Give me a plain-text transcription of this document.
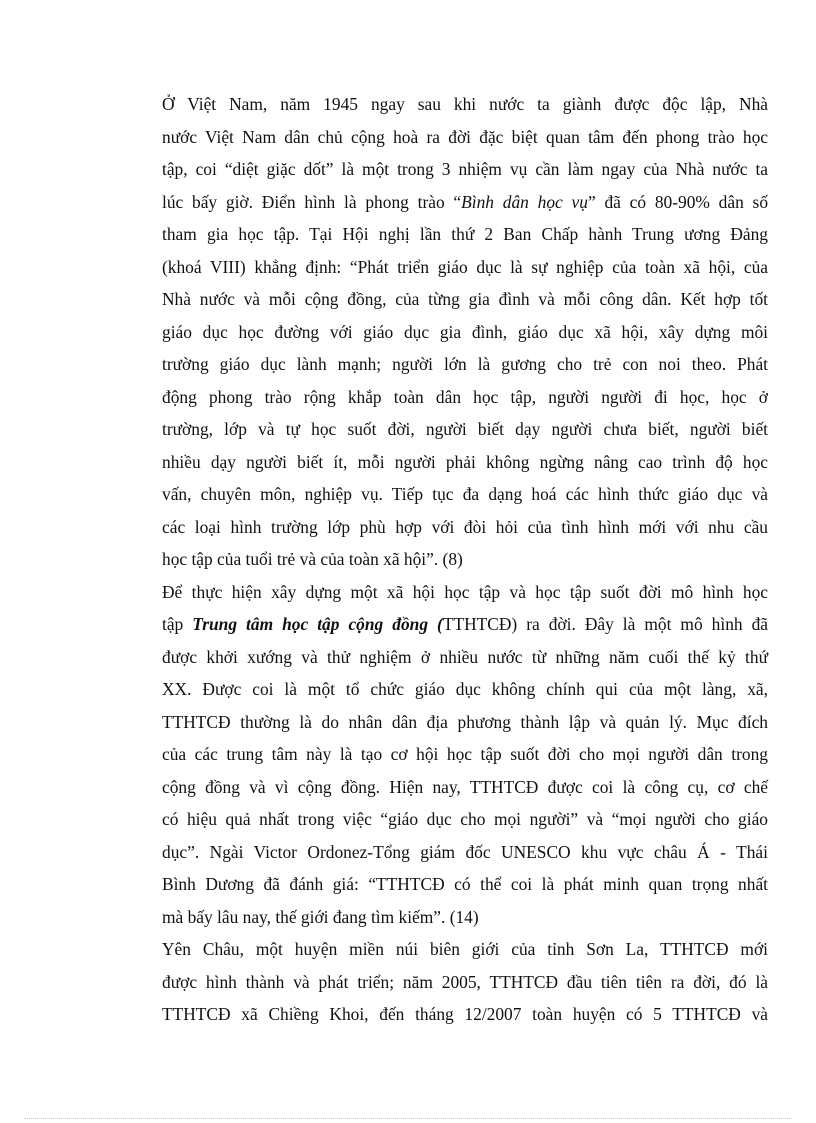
Ở Việt Nam, năm 1945 ngay sau khi nước ta giành được độc lập, Nhà
nước Việt Nam dân chủ cộng hoà ra đời đặc biệt quan tâm đến phong trào học
tập, coi “diệt giặc dốt” là một trong 3 nhiệm vụ cần làm ngay của Nhà nước ta
lúc bấy giờ. Điển hình là phong trào “Bình dân học vụ” đã có 80-90% dân số
tham gia học tập. Tại Hội nghị lần thứ 2 Ban Chấp hành Trung ương Đảng
(khoá VIII) khẳng định: “Phát triển giáo dục là sự nghiệp của toàn xã hội, của
Nhà nước và mỗi cộng đồng, của từng gia đình và mỗi công dân. Kết hợp tốt
giáo dục học đường với giáo dục gia đình, giáo dục xã hội, xây dựng môi
trường giáo dục lành mạnh; người lớn là gương cho trẻ con noi theo. Phát
động phong trào rộng khắp toàn dân học tập, người người đi học, học ở
trường, lớp và tự học suốt đời, người biết dạy người chưa biết, người biết
nhiều dạy người biết ít, mỗi người phải không ngừng nâng cao trình độ học
vấn, chuyên môn, nghiệp vụ. Tiếp tục đa dạng hoá các hình thức giáo dục và
các loại hình trường lớp phù hợp với đòi hỏi của tình hình mới với nhu cầu
học tập của tuổi trẻ và của toàn xã hội”. (8)

Để thực hiện xây dựng một xã hội học tập và học tập suốt đời mô hình học
tập Trung tâm học tập cộng đồng (TTHTCĐ) ra đời. Đây là một mô hình đã
được khởi xướng và thử nghiệm ở nhiều nước từ những năm cuối thế kỷ thứ
XX. Được coi là một tổ chức giáo dục không chính qui của một làng, xã,
TTHTCĐ thường là do nhân dân địa phương thành lập và quản lý. Mục đích
của các trung tâm này là tạo cơ hội học tập suốt đời cho mọi người dân trong
cộng đồng và vì cộng đồng. Hiện nay, TTHTCĐ được coi là công cụ, cơ chế
có hiệu quả nhất trong việc “giáo dục cho mọi người” và “mọi người cho giáo
dục”. Ngài Victor Ordonez-Tổng giám đốc UNESCO khu vực châu Á - Thái
Bình Dương đã đánh giá: “TTHTCĐ có thể coi là phát minh quan trọng nhất
mà bấy lâu nay, thế giới đang tìm kiếm”. (14)

Yên Châu, một huyện miền núi biên giới của tỉnh Sơn La, TTHTCĐ mới
được hình thành và phát triển; năm 2005, TTHTCĐ đầu tiên tiên ra đời, đó là
TTHTCĐ xã Chiềng Khoi, đến tháng 12/2007 toàn huyện có 5 TTHTCĐ và
